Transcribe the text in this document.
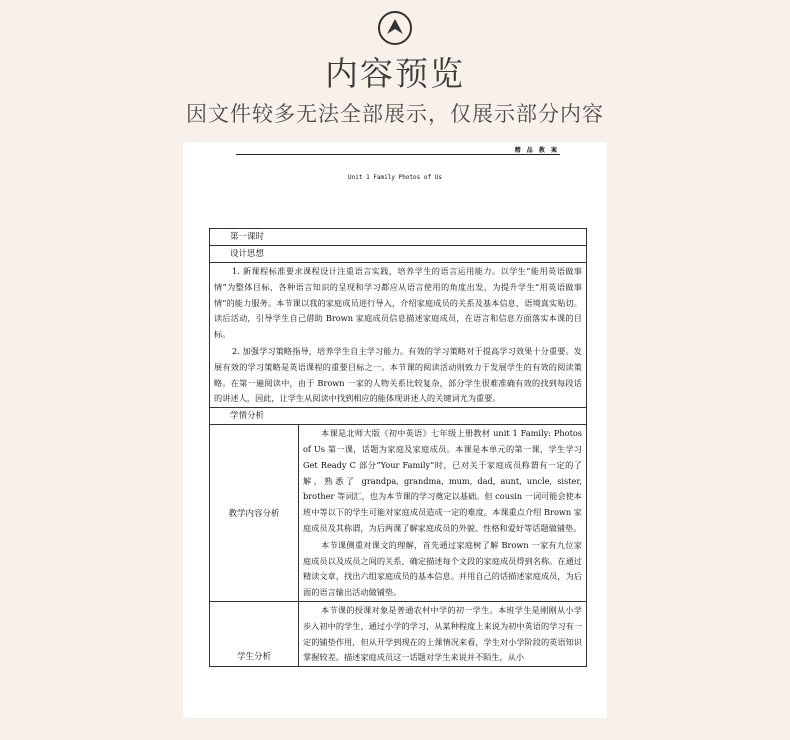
内容预览
因文件较多无法全部展示，仅展示部分内容
精 品 教 案
Unit 1 Family Photos of Us
第一课时	
设计思想	

1. 新课程标准要求课程设计注重语言实践，培养学生的语言运用能力。以学生“能用英语做事情”为整体目标，各种语言知识的呈现和学习都应从语言使用的角度出发，为提升学生“用英语做事情”的能力服务。本节课以我的家庭成员进行导入，介绍家庭成员的关系及基本信息，语境真实贴切。读后活动，引导学生自己借助 Brown 家庭成员信息描述家庭成员，在语言和信息方面落实本课的目标。

2. 加强学习策略指导，培养学生自主学习能力。有效的学习策略对于提高学习效果十分重要。发展有效的学习策略是英语课程的重要目标之一。本节课的阅读活动则致力于发展学生的有效的阅读策略。在第一遍阅读中，由于 Brown 一家的人物关系比较复杂，部分学生很难准确有效的找到每段话的讲述人，因此，让学生从阅读中找到相应的能体现讲述人的关键词尤为重要。	

学情分析	
教学内容分析	本课是北师大版《初中英语》七年级上册教材 unit 1 Family: Photos of Us 第一课，话题为家庭及家庭成员。本课是本单元的第一课，学生学习 Get Ready C 部分“Your Family”时，已对关于家庭成员称谓有一定的了解，熟悉了 grandpa, grandma, mum, dad, aunt, uncle, sister, brother 等词汇，也为本节课的学习奠定以基础。但 cousin 一词可能会使本班中等以下的学生可能对家庭成员造成一定的难度。本课重点介绍 Brown 家庭成员及其称谓，为后两课了解家庭成员的外貌、性格和爱好等话题做铺垫。

本节课侧重对课文的理解，首先通过家庭树了解 Brown 一家有九位家庭成员以及成员之间的关系，确定描述每个文段的家庭成员得到名称。在通过精读文章，找出六组家庭成员的基本信息。并用自己的话描述家庭成员，为后面的语言输出活动做铺垫。

学生分析	本节课的授课对象是普通农村中学的初一学生。本班学生是刚刚从小学步入初中的学生，通过小学的学习，从某种程度上来说为初中英语的学习有一定的铺垫作用，但从开学到现在的上课情况来看，学生对小学阶段的英语知识掌握较差。描述家庭成员这一话题对学生来说并不陌生，从小
